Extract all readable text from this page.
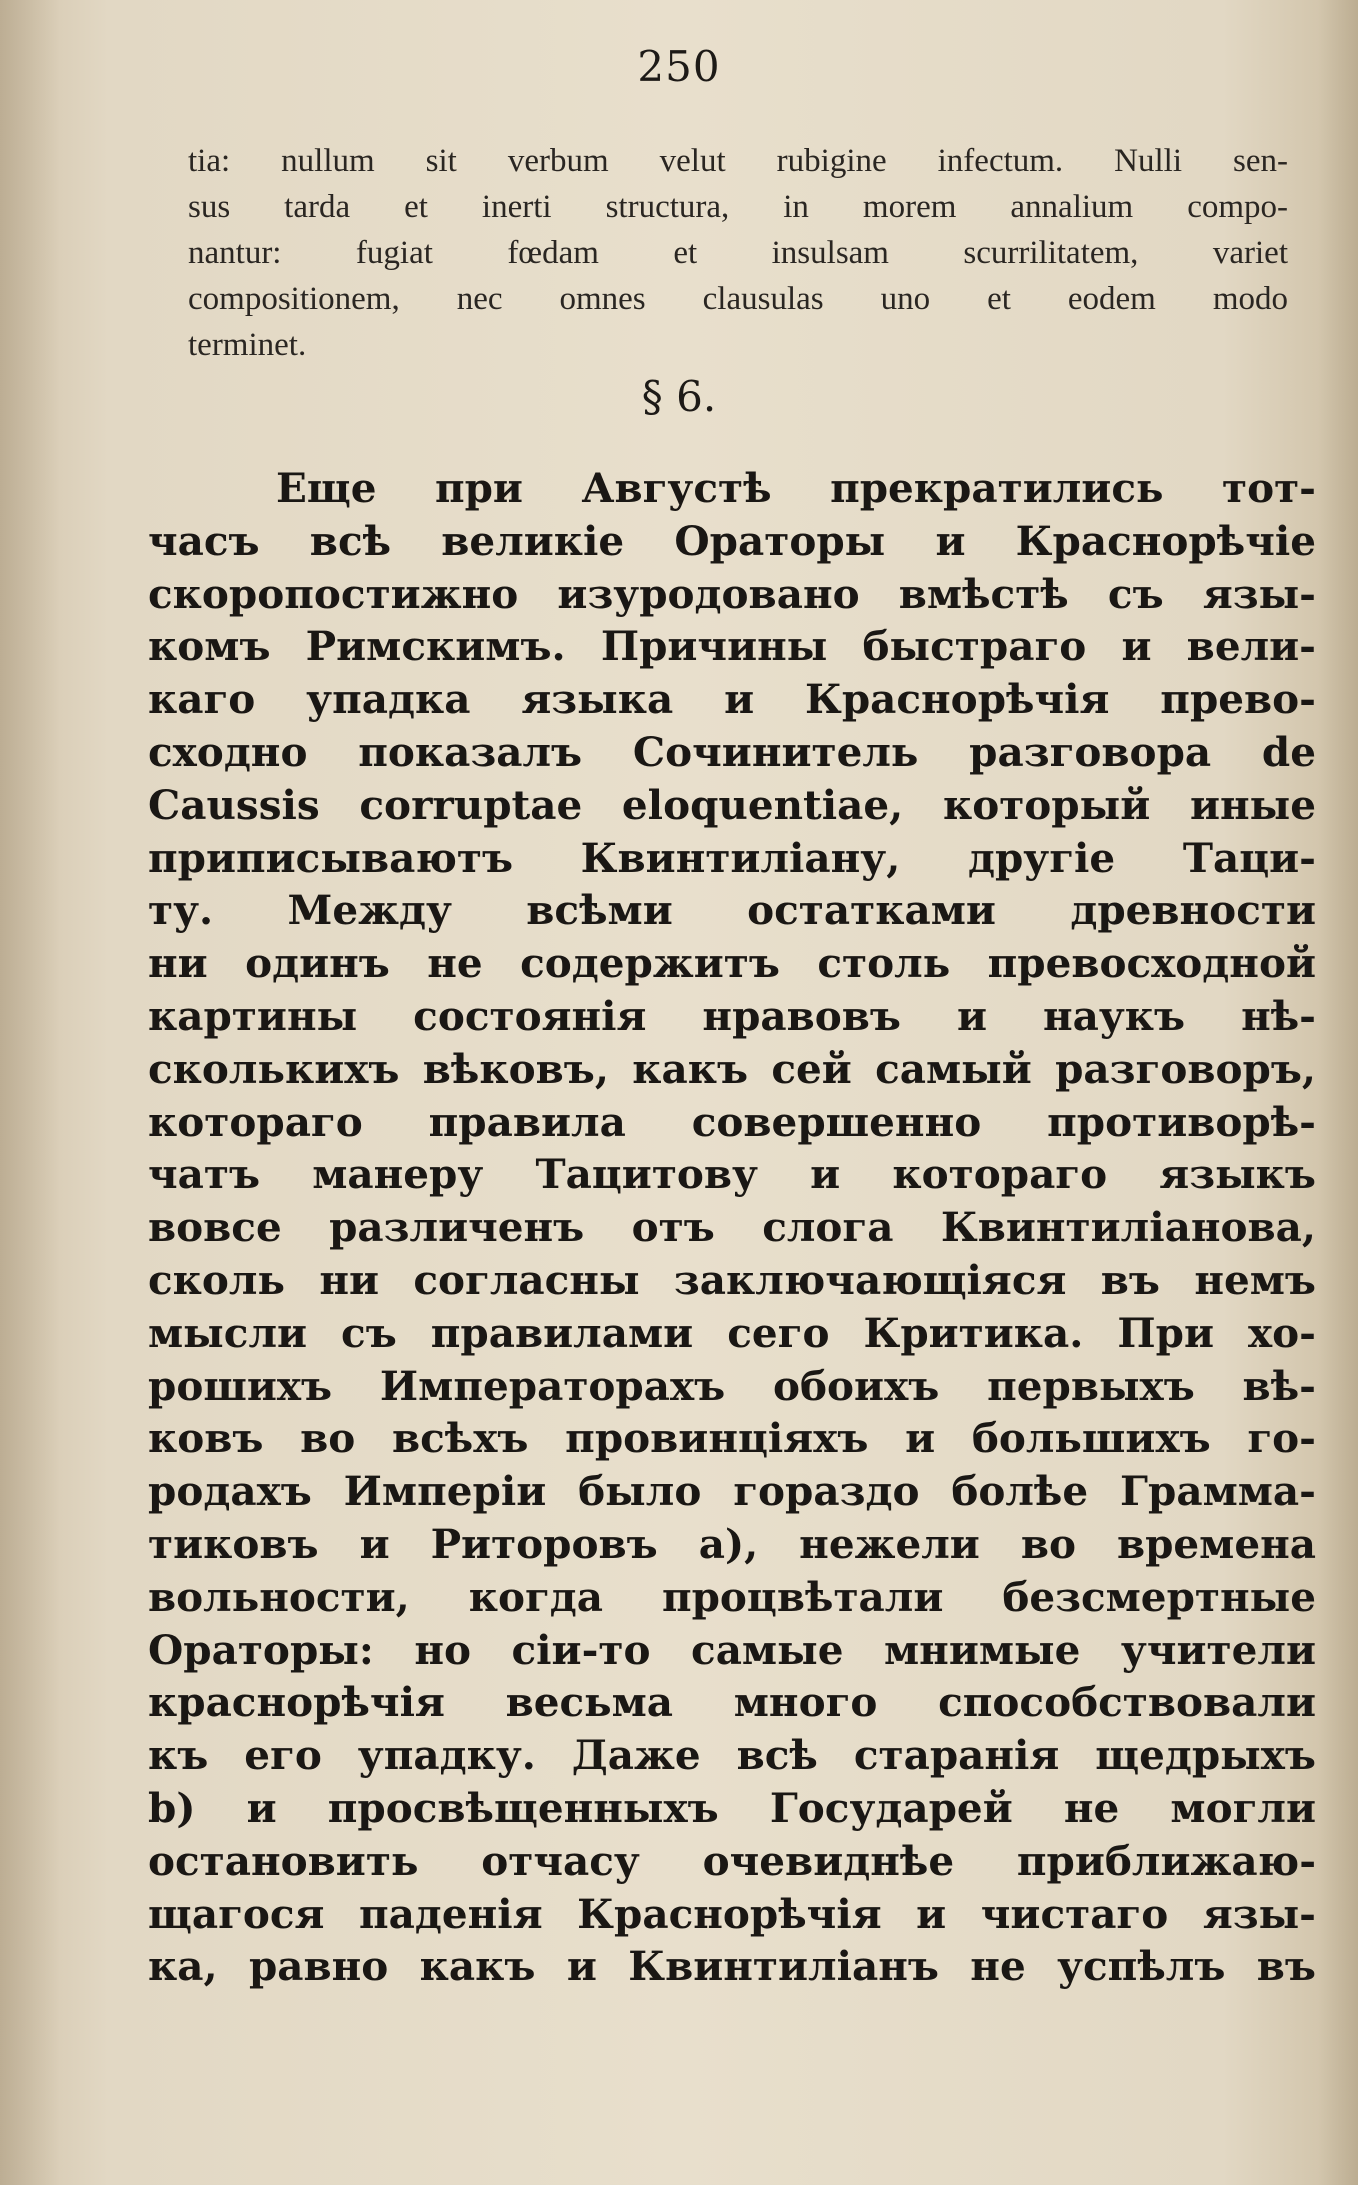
250
tia: nullum sit verbum velut rubigine infectum. Nulli sen-
sus tarda et inerti structura, in morem annalium compo-
nantur: fugiat fœdam et insulsam scurrilitatem, variet
compositionem, nec omnes clausulas uno et eodem modo
terminet.
§ 6.
Еще при Августѣ прекратились тот-
часъ всѣ великіе Ораторы и Краснорѣчіе
скоропостижно изуродовано вмѣстѣ съ язы-
комъ Римскимъ. Причины быстраго и вели-
каго упадка языка и Краснорѣчія прево-
сходно показалъ Сочинитель разговора de
Caussis corruptae eloquentiae, который иные
приписываютъ Квинтиліану, другіе Таци-
ту. Между всѣми остатками древности
ни одинъ не содержитъ столь превосходной
картины состоянія нравовъ и наукъ нѣ-
сколькихъ вѣковъ, какъ сей самый разговоръ,
котораго правила совершенно противорѣ-
чатъ манеру Тацитову и котораго языкъ
вовсе различенъ отъ слога Квинтиліанова,
сколь ни согласны заключающіяся въ немъ
мысли съ правилами сего Критика. При хо-
рошихъ Императорахъ обоихъ первыхъ вѣ-
ковъ во всѣхъ провинціяхъ и большихъ го-
родахъ Имперіи было гораздо болѣе Грамма-
тиковъ и Риторовъ a), нежели во времена
вольности, когда процвѣтали безсмертные
Ораторы: но сіи-то самые мнимые учители
краснорѣчія весьма много способствовали
къ его упадку. Даже всѣ старанія щедрыхъ
b) и просвѣщенныхъ Государей не могли
остановить отчасу очевиднѣе приближаю-
щагося паденія Краснорѣчія и чистаго язы-
ка, равно какъ и Квинтиліанъ не успѣлъ въ
